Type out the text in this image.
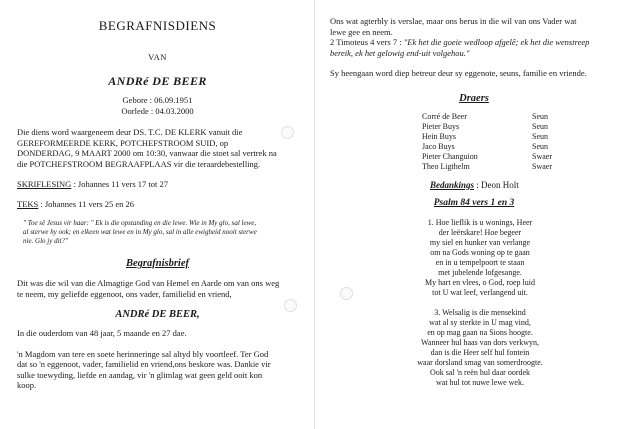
BEGRAFNISDIENS
VAN
ANDRé DE BEER
Gebore : 06.09.1951
Oorlede : 04.03.2000
Die diens word waargeneem deur DS. T.C. DE KLERK vanuit die
GEREFORMEERDE KERK, POTCHEFSTROOM SUID, op
DONDERDAG, 9 MAART 2000 om 10:30, vanwaar die stoet sal vertrek na
die POTCHEFSTROOM BEGRAAFPLAAS vir die teraardebestelling.
SKRIFLESING : Johannes 11 vers 17 tot 27
TEKS : Johannes 11 vers 25 en 26
" Toe sê Jesus vir haar: " Ek is die opstanding en die lewe. Wie in My glo, sal lewe,
al sterwe hy ook; en elkeen wat lewe en in My glo, sal in alle ewigheid nooit sterwe
nie. Glo jy dit?"
Begrafnisbrief
Dit was die wil van die Almagtige God van Hemel en Aarde om van ons weg
te neem, my geliefde eggenoot, ons vader, familielid en vriend,
ANDRé DE BEER,
In die ouderdom van 48 jaar, 5 maande en 27 dae.
'n Magdom van tere en soete herinneringe sal altyd bly voortleef. Ter God
dat so 'n eggenoot, vader, familielid en vriend,ons beskore was. Dankie vir
sulke toewyding, liefde en aandag, vir 'n glimlag wat geen geld ooit kon
koop.
Ons wat agterbly is verslae, maar ons berus in die wil van ons Vader wat
lewe gee en neem.
2 Timoteus 4 vers 7 : "Ek het die goeie wedloop afgelê; ek het die wenstreep
bereik, ek het gelowig end-uit volgehou."
Sy heengaan word diep betreur deur sy eggenote, seuns, familie en vriende.
Draers
Corré de Beer	Seun
Pieter Buys	Seun
Hein Buys	Seun
Jaco Buys	Seun
Pieter Changuion	Swaer
Theo Ligthelm	Swaer
Bedankings : Deon Holt
Psalm 84 vers 1 en 3
1. Hoe lieflik is u wonings, Heer
der leërskare! Hoe begeer
my siel en hunker van verlange
om na Gods woning op te gaan
en in u tempelpoort te staan
met jubelende lofgesange.
My hart en vlees, o God, roep luid
tot U wat leef, verlangend uit.
3. Welsalig is die mensekind
wat al sy sterkte in U mag vind,
en op mag gaan na Sions hoogte.
Wanneer hul haas van dors verkwyn,
dan is die Heer self hul fontein
waar dorsland smag van somerdroogte.
Ook sal 'n reën hul daar oordek
wat hul tot nuwe lewe wek.
